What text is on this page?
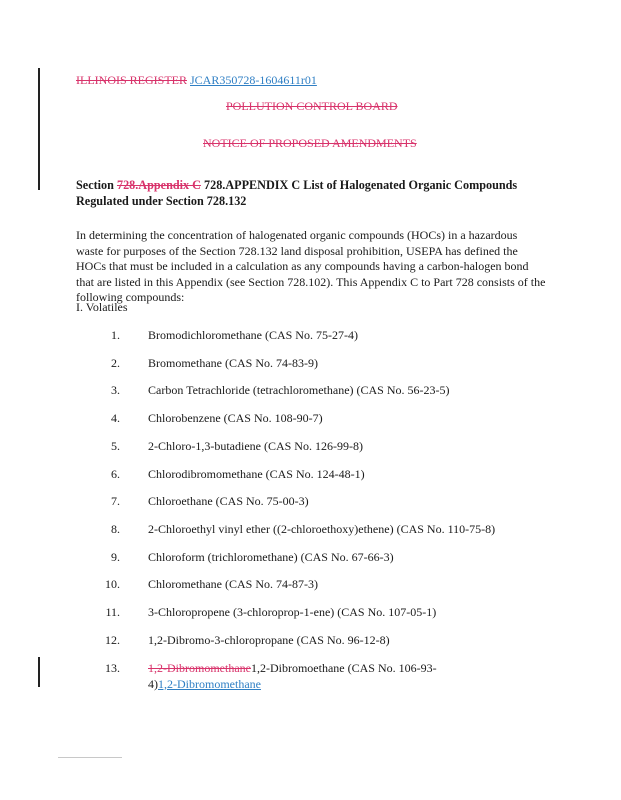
ILLINOIS REGISTER JCAR350728-1604611r01
POLLUTION CONTROL BOARD
NOTICE OF PROPOSED AMENDMENTS
Section 728.Appendix C 728.APPENDIX C List of Halogenated Organic Compounds
Regulated under Section 728.132
In determining the concentration of halogenated organic compounds (HOCs) in a hazardous waste for purposes of the Section 728.132 land disposal prohibition, USEPA has defined the HOCs that must be included in a calculation as any compounds having a carbon-halogen bond that are listed in this Appendix (see Section 728.102). This Appendix C to Part 728 consists of the following compounds:
I. Volatiles
1. Bromodichloromethane (CAS No. 75-27-4)
2. Bromomethane (CAS No. 74-83-9)
3. Carbon Tetrachloride (tetrachloromethane) (CAS No. 56-23-5)
4. Chlorobenzene (CAS No. 108-90-7)
5. 2-Chloro-1,3-butadiene (CAS No. 126-99-8)
6. Chlorodibromomethane (CAS No. 124-48-1)
7. Chloroethane (CAS No. 75-00-3)
8. 2-Chloroethyl vinyl ether ((2-chloroethoxy)ethene) (CAS No. 110-75-8)
9. Chloroform (trichloromethane) (CAS No. 67-66-3)
10. Chloromethane (CAS No. 74-87-3)
11. 3-Chloropropene (3-chloroprop-1-ene) (CAS No. 107-05-1)
12. 1,2-Dibromo-3-chloropropane (CAS No. 96-12-8)
13. 1,2-Dibromomethane1,2-Dibromoethane (CAS No. 106-93-4)1,2-Dibromomethane
